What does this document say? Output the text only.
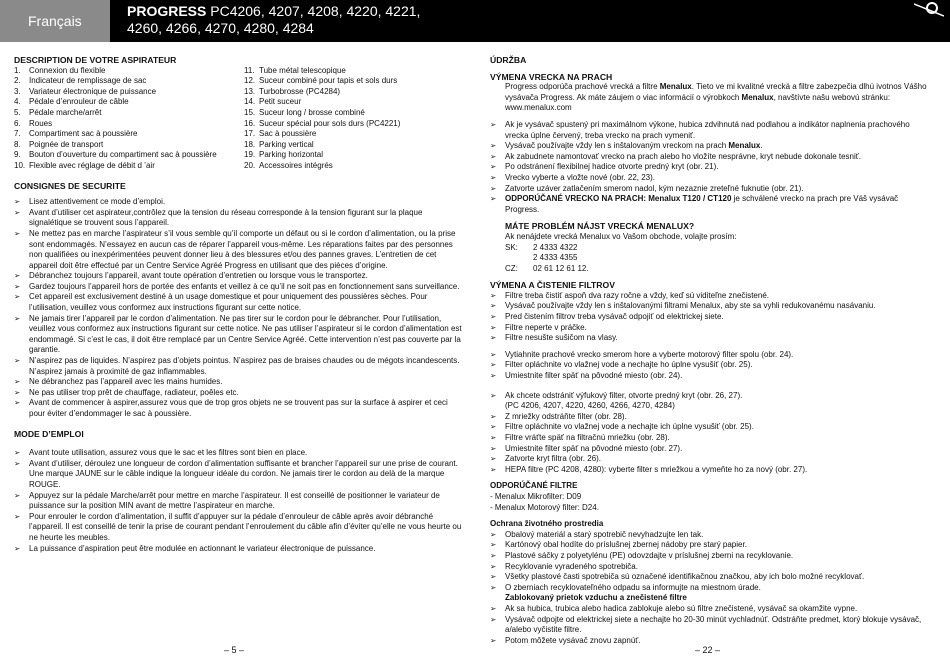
Français
PROGRESS PC4206, 4207, 4208, 4220, 4221,
4260, 4266, 4270, 4280, 4284
DESCRIPTION DE VOTRE ASPIRATEUR
1.	Connexion du flexible
2.	Indicateur de remplissage de sac
3.	Variateur électronique de puissance
4.	Pédale d’enrouleur de câble
5.	Pédale marche/arrêt
6.	Roues
7.	Compartiment sac à poussière
8.	Poignée de transport
9.	Bouton d’ouverture du compartiment sac à poussière
10. Flexible avec réglage de débit d ’air
11. Tube métal telescopique
12. Suceur combiné pour tapis et sols durs
13. Turbobrosse (PC4284)
14. Petit suceur
15. Suceur long / brosse combiné
16. Suceur spécial pour sols durs (PC4221)
17. Sac à poussière
18. Parking vertical
19. Parking horizontal
20. Accessoires intégrés
CONSIGNES DE SECURITE
➢ Lisez attentivement ce mode d’emploi.
➢ Avant d’utiliser cet aspirateur,contrôlez que la tension du réseau corresponde à la tension figurant sur la plaque signalétique se trouvent sous l’appareil.
➢ Ne mettez pas en marche l’aspirateur s’il vous semble qu’il comporte un défaut ou si le cordon d’alimentation, ou la prise sont endommagés. N’essayez en aucun cas de réparer l’appareil vous-même. Les réparations faites par des personnes non qualifiées ou inexpérimentées peuvent donner lieu à des blessures et/ou des pannes graves. L’entretien de cet appareil doit être effectué par un Centre Service Agréé Progress en utilisant que des pièces d’origine.
➢ Débranchez toujours l’appareil, avant toute opération d’entretien ou lorsque vous le transportez.
➢ Gardez toujours l’appareil hors de portée des enfants et veillez à ce qu’il ne soit pas en fonctionnement sans surveillance.
➢ Cet appareil est exclusivement destiné à un usage domestique et pour uniquement des poussières sèches. Pour l’utilisation, veuillez vous conformez aux instructions figurant sur cette notice.
➢ Ne jamais tirer l’appareil par le cordon d’alimentation. Ne pas tirer sur le cordon pour le débrancher. Pour l’utilisation, veuillez vous conformez aux instructions figurant sur cette notice. Ne pas utiliser l’aspirateur si le cordon d’alimentation est endommagé. Si c’est le cas, il doit être remplacé par un Centre Service Agréé. Cette intervention n’est pas couverte par la garantie.
➢ N’aspirez pas de liquides. N’aspirez pas d’objets pointus. N’aspirez pas de braises chaudes ou de mégots incandescents. N’aspirez jamais à proximité de gaz inflammables.
➢ Ne débranchez pas l’appareil avec les mains humides.
➢ Ne pas utiliser trop prêt de chauffage, radiateur, poêles etc.
➢ Avant de commencer à aspirer,assurez vous que de trop gros objets ne se trouvent pas sur la surface à aspirer et ceci pour éviter d’endommager le sac à poussière.
MODE D’EMPLOI
➢ Avant toute utilisation, assurez vous que le sac et les filtres sont bien en place.
➢ Avant d’utiliser, déroulez une longueur de cordon d’alimentation suffisante et brancher l’appareil sur une prise de courant. Une marque JAUNE sur le câble indique la longueur idéale du cordon. Ne jamais tirer le cordon au delà de la marque ROUGE.
➢ Appuyez sur la pédale Marche/arrêt pour mettre en marche l’aspirateur. Il est conseillé de positionner le variateur de puissance sur la position MIN avant de mettre l’aspirateur en marche.
➢ Pour enrouler le cordon d’alimentation, il suffit d’appuyer sur la pédale d’enrouleur de câble après avoir débranché l’appareil. Il est conseillé de tenir la prise de courant pendant l’enroulement du câble afin d’éviter qu’elle ne vous heurte ou ne heurte les meubles.
➢ La puissance d’aspiration peut être modulée en actionnant le variateur électronique de puissance.
– 5 –
ÚDRŽBA
VÝMENA VRECKA NA PRACH
Progress odporúča prachové vrecká a filtre Menalux. Tieto ve mi kvalitné vrecká a filtre zabezpečia dlhú ivotnos Vášho vysávača Progress. Ak máte záujem o viac informácií o výrobkoch Menalux, navštívte našu webovú stránku: www.menalux.com
➢ Ak je vysávač spustený pri maximálnom výkone, hubica zdvihnutá nad podlahou a indikátor naplnenia prachového vrecka úplne červený, treba vrecko na prach vymeniť.
➢ Vysávač používajte vždy len s inštalovaným vreckom na prach Menalux.
➢ Ak zabudnete namontovať vrecko na prach alebo ho vložíte nesprávne, kryt nebude dokonale tesniť.
➢ Po odstránení flexibilnej hadice otvorte predný kryt (obr. 21).
➢ Vrecko vyberte a vložte nové (obr. 22, 23).
➢ Zatvorte uzáver zatlačením smerom nadol, kým nezaznie zreteľné fuknutie (obr. 21).
➢ ODPORÚČANÉ VRECKO NA PRACH: Menalux T120 / CT120 je schválené vrecko na prach pre Váš vysávač Progress.
MÁTE PROBLÉM NÁJST VRECKÁ MENALUX?
Ak nenájdete vrecká Menalux vo Vašom obchode, volajte prosím:
SK:	2 4333 4322
2 4333 4355
CZ:	02 61 12 61 12.
VÝMENA A ČISTENIE FILTROV
➢ Filtre treba čistiť aspoň dva razy ročne a vždy, keď sú viditeľne znečistené.
➢ Vysávač používajte vždy len s inštalovanými filtrami Menalux, aby ste sa vyhli redukovanému nasávaniu.
➢ Pred čistením filtrov treba vysávač odpojiť od elektrickej siete.
➢ Filtre neperte v práčke.
➢ Filtre nesušte sušičom na vlasy.
➢ Vytiahnite prachové vrecko smerom hore a vyberte motorový filter spolu (obr. 24).
➢ Filter opláchnite vo vlažnej vode a nechajte ho úplne vysušiť (obr. 25).
➢ Umiestnite filter späť na pôvodné miesto (obr. 24).
➢ Ak chcete odstrániť výfukový filter, otvorte predný kryt (obr. 26, 27).
(PC 4206, 4207, 4220, 4260, 4266, 4270, 4284)
➢ Z mriežky odstráňte filter (obr. 28).
➢ Filtre opláchnite vo vlažnej vode a nechajte ich úplne vysušiť (obr. 25).
➢ Filtre vráťte späť na filtračnú mriežku (obr. 28).
➢ Umiestnite filter späť na pôvodné miesto (obr. 27).
➢ Zatvorte kryt filtra (obr. 26).
➢ HEPA filtre (PC 4208, 4280): vyberte filter s mriežkou a vymeňte ho za nový (obr. 27).
ODPORÚČANÉ FILTRE
- Menalux Mikrofilter: D09
- Menalux Motorový filter: D24.
Ochrana životného prostredia
➢ Obalový materiál a starý spotrebič nevyhadzujte len tak.
➢ Kartónový obal hodíte do príslušnej zbernej nádoby pre starý papier.
➢ Plastové sáčky z polyetylénu (PE) odovzdajte v príslušnej zberni na recyklovanie.
➢ Recyklovanie vyradeného spotrebiča.
➢ Všetky plastové časti spotrebiča sú označené identifikačnou značkou, aby ich bolo možné recyklovať.
➢ O zberniach recyklovateľného odpadu sa informujte na miestnom úrade.
Zablokovaný prietok vzduchu a znečistené filtre
➢ Ak sa hubica, trubica alebo hadica zablokuje alebo sú filtre znečistené, vysávač sa okamžite vypne.
➢ Vysávač odpojte od elektrickej siete a nechajte ho 20-30 minút vychladnúť. Odstráňte predmet, ktorý blokuje vysávač, a/alebo vyčistite filtre.
➢ Potom môžete vysávač znovu zapnúť.
– 22 –
